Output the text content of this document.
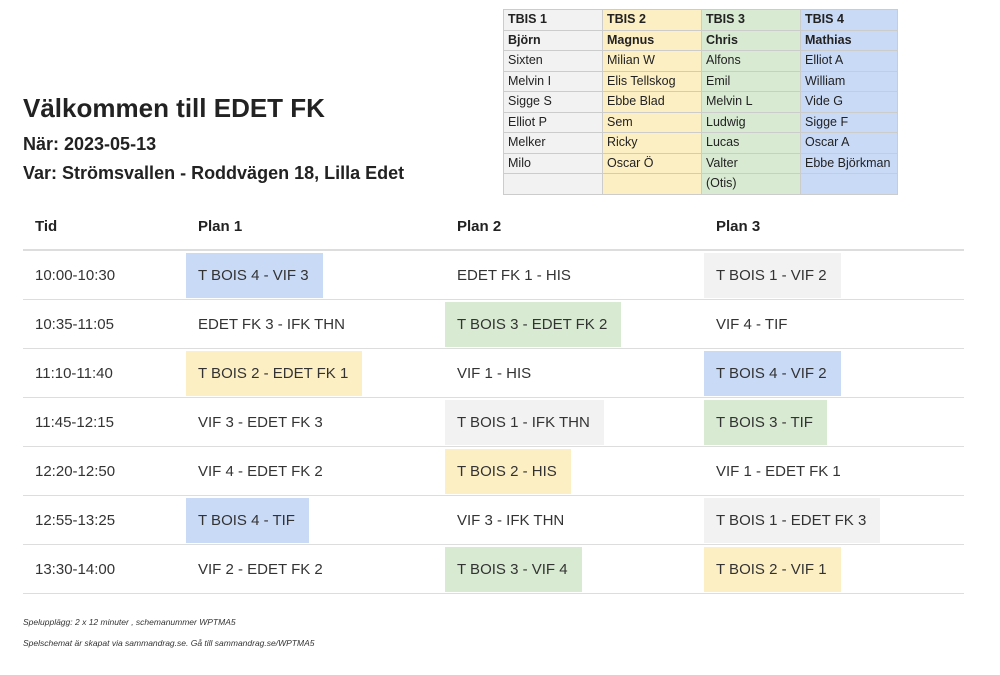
Välkommen till EDET FK
När: 2023-05-13
Var: Strömsvallen - Roddvägen 18, Lilla Edet
TBIS 1	TBIS 2	TBIS 3	TBIS 4
Björn	Magnus	Chris	Mathias
Sixten	Milian W	Alfons	Elliot A
Melvin I	Elis Tellskog	Emil	William
Sigge S	Ebbe Blad	Melvin L	Vide G
Elliot P	Sem	Ludwig	Sigge F
Melker	Ricky	Lucas	Oscar A
Milo	Oscar Ö	Valter	Ebbe Björkman
		(Otis)	
Tid	Plan 1	Plan 2	Plan 3
10:00-10:30	T BOIS 4 - VIF 3	EDET FK 1 - HIS	T BOIS 1 - VIF 2
10:35-11:05	EDET FK 3 - IFK THN	T BOIS 3 - EDET FK 2	VIF 4 - TIF
11:10-11:40	T BOIS 2 - EDET FK 1	VIF 1 - HIS	T BOIS 4 - VIF 2
11:45-12:15	VIF 3 - EDET FK 3	T BOIS 1 - IFK THN	T BOIS 3 - TIF
12:20-12:50	VIF 4 - EDET FK 2	T BOIS 2 - HIS	VIF 1 - EDET FK 1
12:55-13:25	T BOIS 4 - TIF	VIF 3 - IFK THN	T BOIS 1 - EDET FK 3
13:30-14:00	VIF 2 - EDET FK 2	T BOIS 3 - VIF 4	T BOIS 2 - VIF 1
Spelupplägg: 2 x 12 minuter , schemanummer WPTMA5
Spelschemat är skapat via sammandrag.se. Gå till sammandrag.se/WPTMA5
